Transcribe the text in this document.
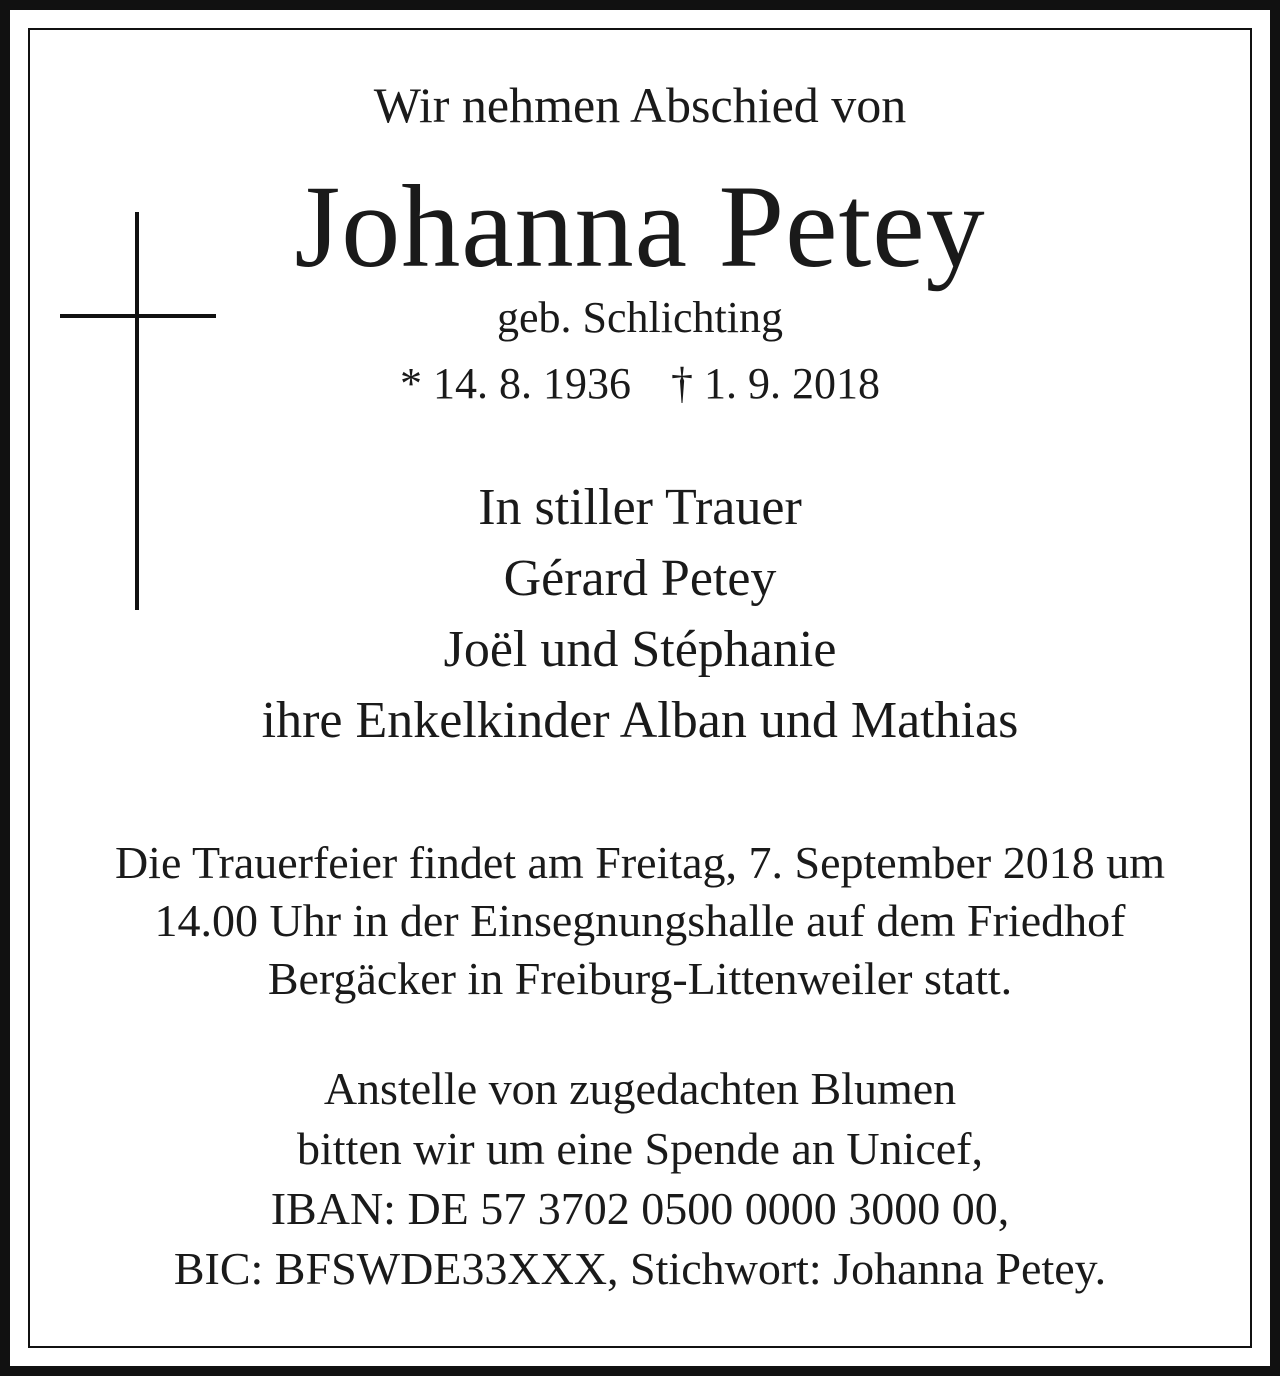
Wir nehmen Abschied von
Johanna Petey
geb. Schlichting
* 14. 8. 1936 † 1. 9. 2018
In stiller Trauer
Gérard Petey
Joël und Stéphanie
ihre Enkelkinder Alban und Mathias
Die Trauerfeier findet am Freitag, 7. September 2018 um
14.00 Uhr in der Einsegnungshalle auf dem Friedhof
Bergäcker in Freiburg-Littenweiler statt.
Anstelle von zugedachten Blumen
bitten wir um eine Spende an Unicef,
IBAN: DE 57 3702 0500 0000 3000 00,
BIC: BFSWDE33XXX, Stichwort: Johanna Petey.
